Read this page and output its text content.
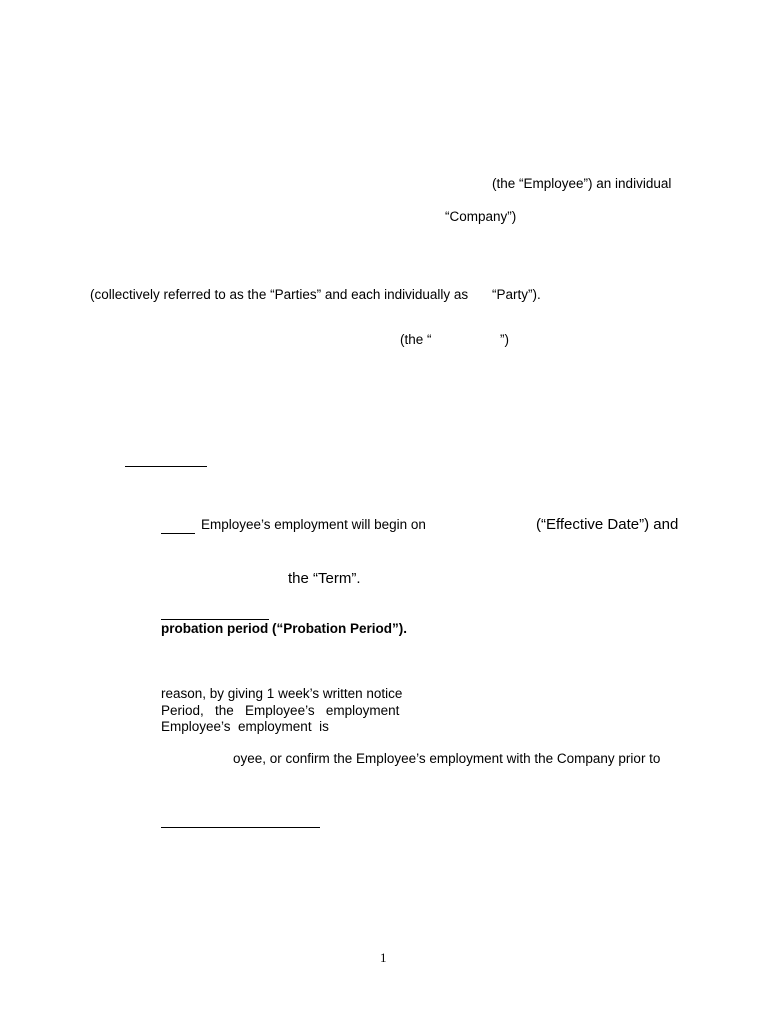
(the “Employee”) an individual
“Company”)
(collectively referred to as the “Parties” and each individually as “Party”).
(the “	”)
Employee’s employment will begin on	(“Effective Date”) and
the “Term”.
probation period (“Probation Period”).
reason, by giving 1 week’s written notice
Period,   the   Employee’s   employment
Employee’s  employment  is
oyee, or confirm the Employee’s employment with the Company prior to
1
